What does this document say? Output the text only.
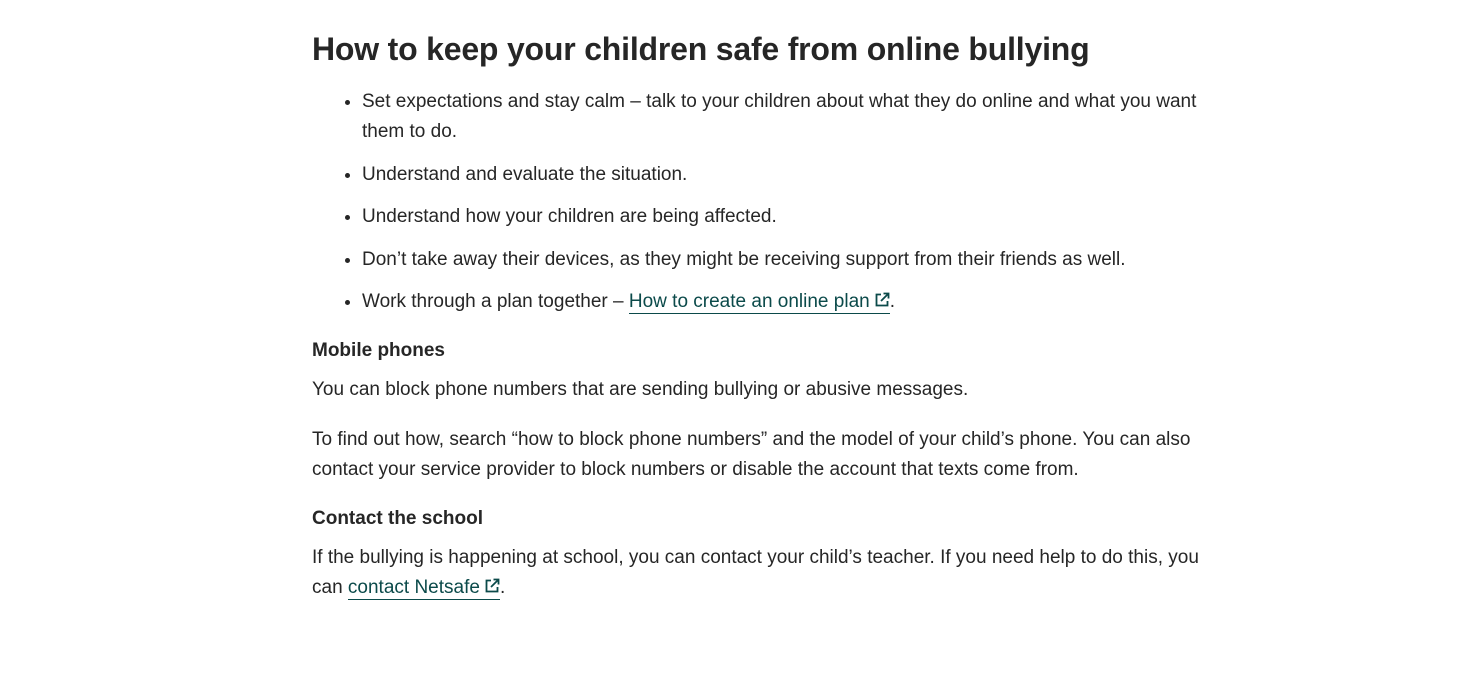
How to keep your children safe from online bullying
Set expectations and stay calm – talk to your children about what they do online and what you want them to do.
Understand and evaluate the situation.
Understand how your children are being affected.
Don’t take away their devices, as they might be receiving support from their friends as well.
Work through a plan together – How to create an online plan .
Mobile phones

You can block phone numbers that are sending bullying or abusive messages.

To find out how, search “how to block phone numbers” and the model of your child’s phone. You can also contact your service provider to block numbers or disable the account that texts come from.

Contact the school

If the bullying is happening at school, you can contact your child’s teacher. If you need help to do this, you can contact Netsafe .
